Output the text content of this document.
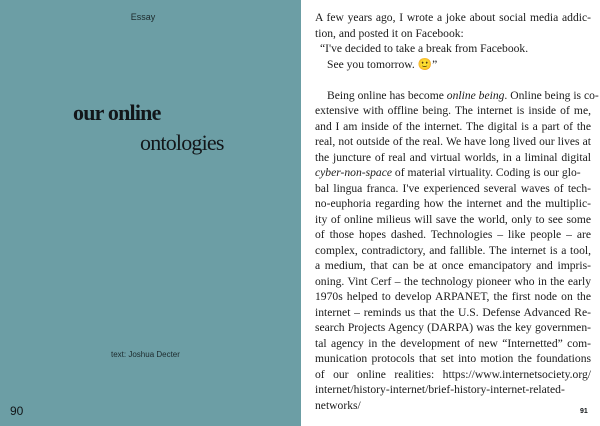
Essay
our online
ontologies
text: Joshua Decter
90
A few years ago, I wrote a joke about social media addic-
tion, and posted it on Facebook:
“I've decided to take a break from Facebook.
See you tomorrow. 🙂”
Being online has become online being. Online being is co-
extensive with offline being. The internet is inside of me,
and I am inside of the internet. The digital is a part of the
real, not outside of the real. We have long lived our lives at
the juncture of real and virtual worlds, in a liminal digital
cyber-non-space of material virtuality. Coding is our glo-
bal lingua franca. I've experienced several waves of tech-
no-euphoria regarding how the internet and the multiplic-
ity of online milieus will save the world, only to see some
of those hopes dashed. Technologies – like people – are
complex, contradictory, and fallible. The internet is a tool,
a medium, that can be at once emancipatory and impris-
oning. Vint Cerf – the technology pioneer who in the early
1970s helped to develop ARPANET, the first node on the
internet – reminds us that the U.S. Defense Advanced Re-
search Projects Agency (DARPA) was the key governmen-
tal agency in the development of new “Internetted” com-
munication protocols that set into motion the foundations
of our online realities: https://www.internetsociety.org/
internet/history-internet/brief-history-internet-related-
networks/	91
